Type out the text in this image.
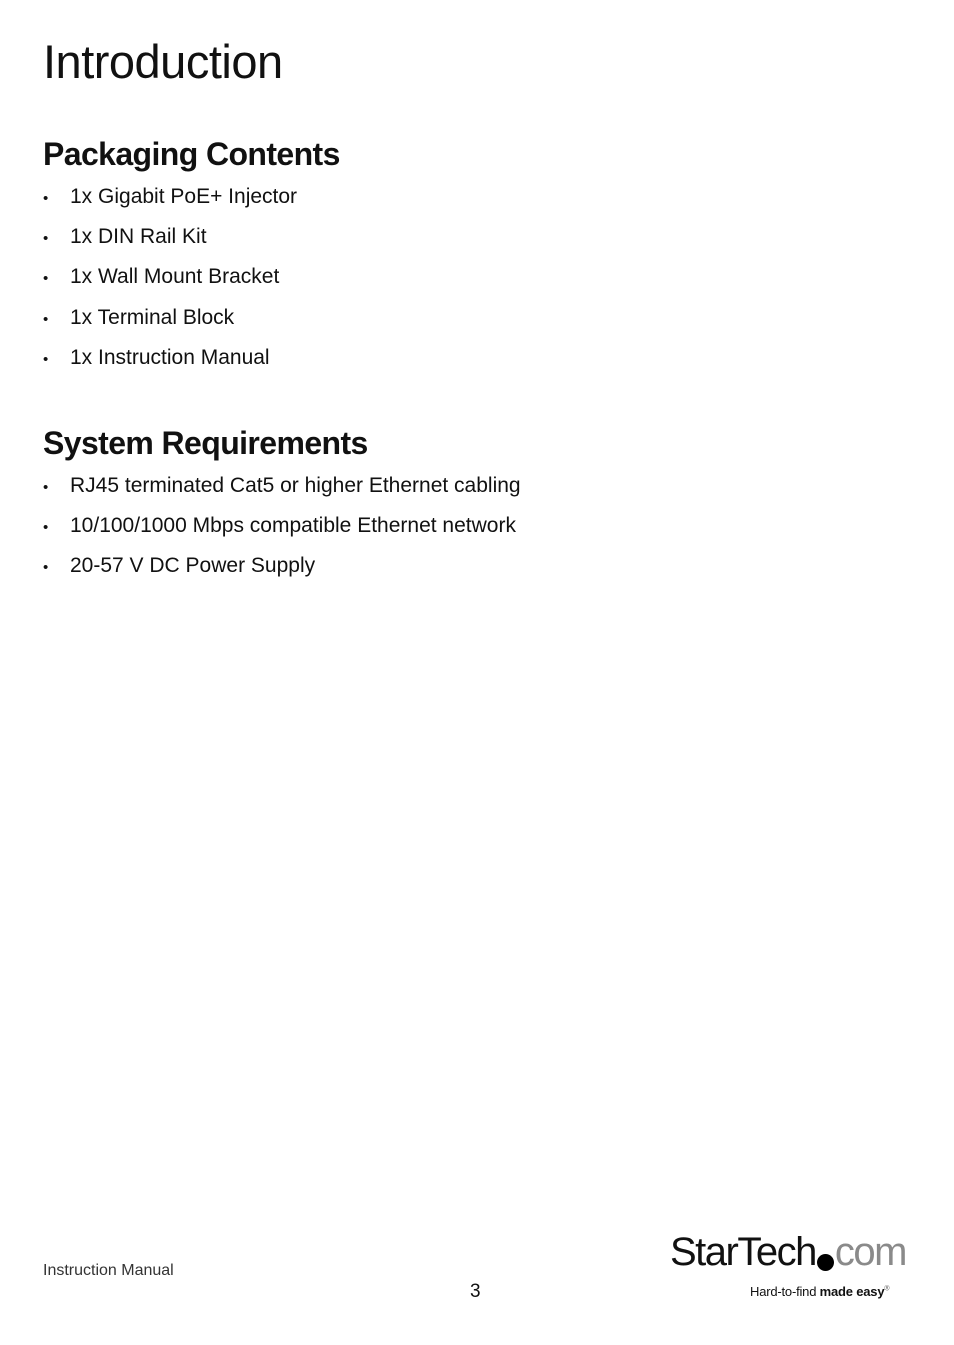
Introduction
Packaging Contents
•	1x Gigabit PoE+ Injector
•	1x DIN Rail Kit
•	1x Wall Mount Bracket
•	1x Terminal Block
•	1x Instruction Manual
System Requirements
•	RJ45 terminated Cat5 or higher Ethernet cabling
•	10/100/1000 Mbps compatible Ethernet network
•	20-57 V DC Power Supply
Instruction Manual
3
StarTech com
Hard-to-find made easy®
